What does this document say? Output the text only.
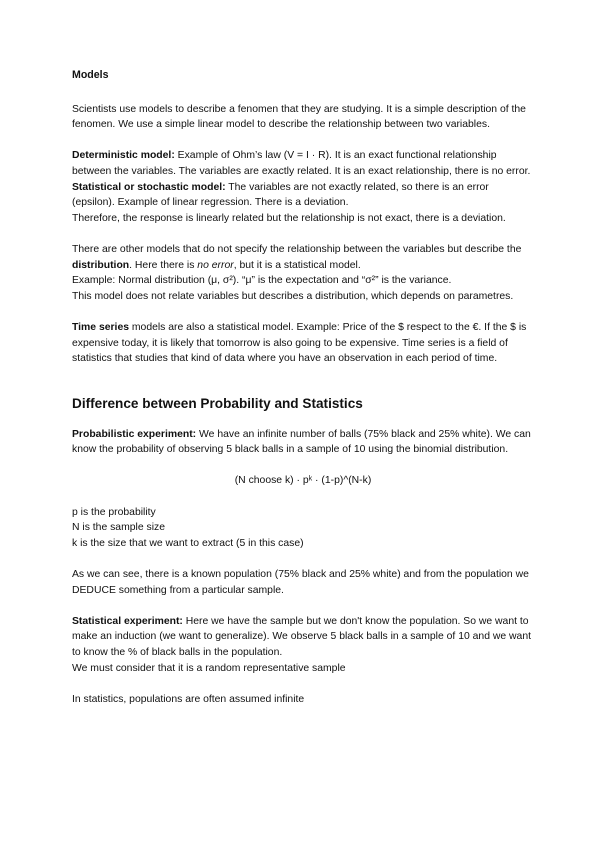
Models

Scientists use models to describe a fenomen that they are studying. It is a simple description of the fenomen. We use a simple linear model to describe the relationship between two variables.

Deterministic model: Example of Ohm’s law (V = I · R). It is an exact functional relationship between the variables. The variables are exactly related. It is an exact relationship, there is no error.

Statistical or stochastic model: The variables are not exactly related, so there is an error (epsilon). Example of linear regression. There is a deviation.

Therefore, the response is linearly related but the relationship is not exact, there is a deviation.

There are other models that do not specify the relationship between the variables but describe the distribution. Here there is no error, but it is a statistical model.

Example: Normal distribution (μ, σ²). “μ” is the expectation and “σ²” is the variance.

This model does not relate variables but describes a distribution, which depends on parametres.

Time series models are also a statistical model. Example: Price of the $ respect to the €. If the $ is expensive today, it is likely that tomorrow is also going to be expensive. Time series is a field of statistics that studies that kind of data where you have an observation in each period of time.

Difference between Probability and Statistics

Probabilistic experiment: We have an infinite number of balls (75% black and 25% white). We can know the probability of observing 5 black balls in a sample of 10 using the binomial distribution.

(N choose k) · pᵏ · (1-p)^(N-k)

p is the probability

N is the sample size

k is the size that we want to extract (5 in this case)

As we can see, there is a known population (75% black and 25% white) and from the population we DEDUCE something from a particular sample.

Statistical experiment: Here we have the sample but we don't know the population. So we want to make an induction (we want to generalize). We observe 5 black balls in a sample of 10 and we want to know the % of black balls in the population.

We must consider that it is a random representative sample

In statistics, populations are often assumed infinite
